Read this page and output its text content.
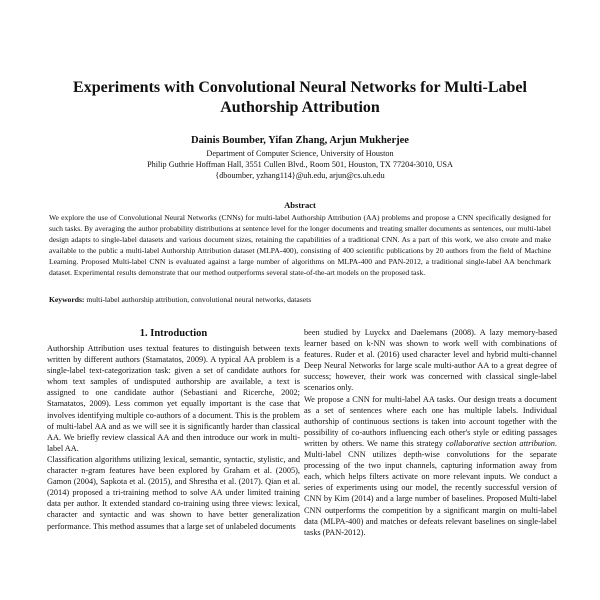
Experiments with Convolutional Neural Networks for Multi-Label Authorship Attribution
Dainis Boumber, Yifan Zhang, Arjun Mukherjee
Department of Computer Science, University of Houston
Philip Guthrie Hoffman Hall, 3551 Cullen Blvd., Room 501, Houston, TX 77204-3010, USA
{dboumber, yzhang114}@uh.edu, arjun@cs.uh.edu
Abstract
We explore the use of Convolutional Neural Networks (CNNs) for multi-label Authorship Attribution (AA) problems and propose a CNN specifically designed for such tasks. By averaging the author probability distributions at sentence level for the longer documents and treating smaller documents as sentences, our multi-label design adapts to single-label datasets and various document sizes, retaining the capabilities of a traditional CNN. As a part of this work, we also create and make available to the public a multi-label Authorship Attribution dataset (MLPA-400), consisting of 400 scientific publications by 20 authors from the field of Machine Learning. Proposed Multi-label CNN is evaluated against a large number of algorithms on MLPA-400 and PAN-2012, a traditional single-label AA benchmark dataset. Experimental results demonstrate that our method outperforms several state-of-the-art models on the proposed task.
Keywords: multi-label authorship attribution, convolutional neural networks, datasets
1. Introduction

Authorship Attribution uses textual features to distinguish between texts written by different authors (Stamatatos, 2009). A typical AA problem is a single-label text-categorization task: given a set of candidate authors for whom text samples of undisputed authorship are available, a text is assigned to one candidate author (Sebastiani and Ricerche, 2002; Stamatatos, 2009). Less common yet equally important is the case that involves identifying multiple co-authors of a document. This is the problem of multi-label AA and as we will see it is significantly harder than classical AA. We briefly review classical AA and then introduce our work in multi-label AA.

Classification algorithms utilizing lexical, semantic, syntactic, stylistic, and character n-gram features have been explored by Graham et al. (2005), Gamon (2004), Sapkota et al. (2015), and Shrestha et al. (2017). Qian et al. (2014) proposed a tri-training method to solve AA under limited training data per author. It extended standard co-training using three views: lexical, character and syntactic and was shown to have better generalization performance. This method assumes that a large set of unlabeled documents

been studied by Luyckx and Daelemans (2008). A lazy memory-based learner based on k-NN was shown to work well with combinations of features. Ruder et al. (2016) used character level and hybrid multi-channel Deep Neural Networks for large scale multi-author AA to a great degree of success; however, their work was concerned with classical single-label scenarios only.

We propose a CNN for multi-label AA tasks. Our design treats a document as a set of sentences where each one has multiple labels. Individual authorship of continuous sections is taken into account together with the possibility of co-authors influencing each other's style or editing passages written by others. We name this strategy collaborative section attribution. Multi-label CNN utilizes depth-wise convolutions for the separate processing of the two input channels, capturing information away from each, which helps filters activate on more relevant inputs. We conduct a series of experiments using our model, the recently successful version of CNN by Kim (2014) and a large number of baselines. Proposed Multi-label CNN outperforms the competition by a significant margin on multi-label data (MLPA-400) and matches or defeats relevant baselines on single-label tasks (PAN-2012).
